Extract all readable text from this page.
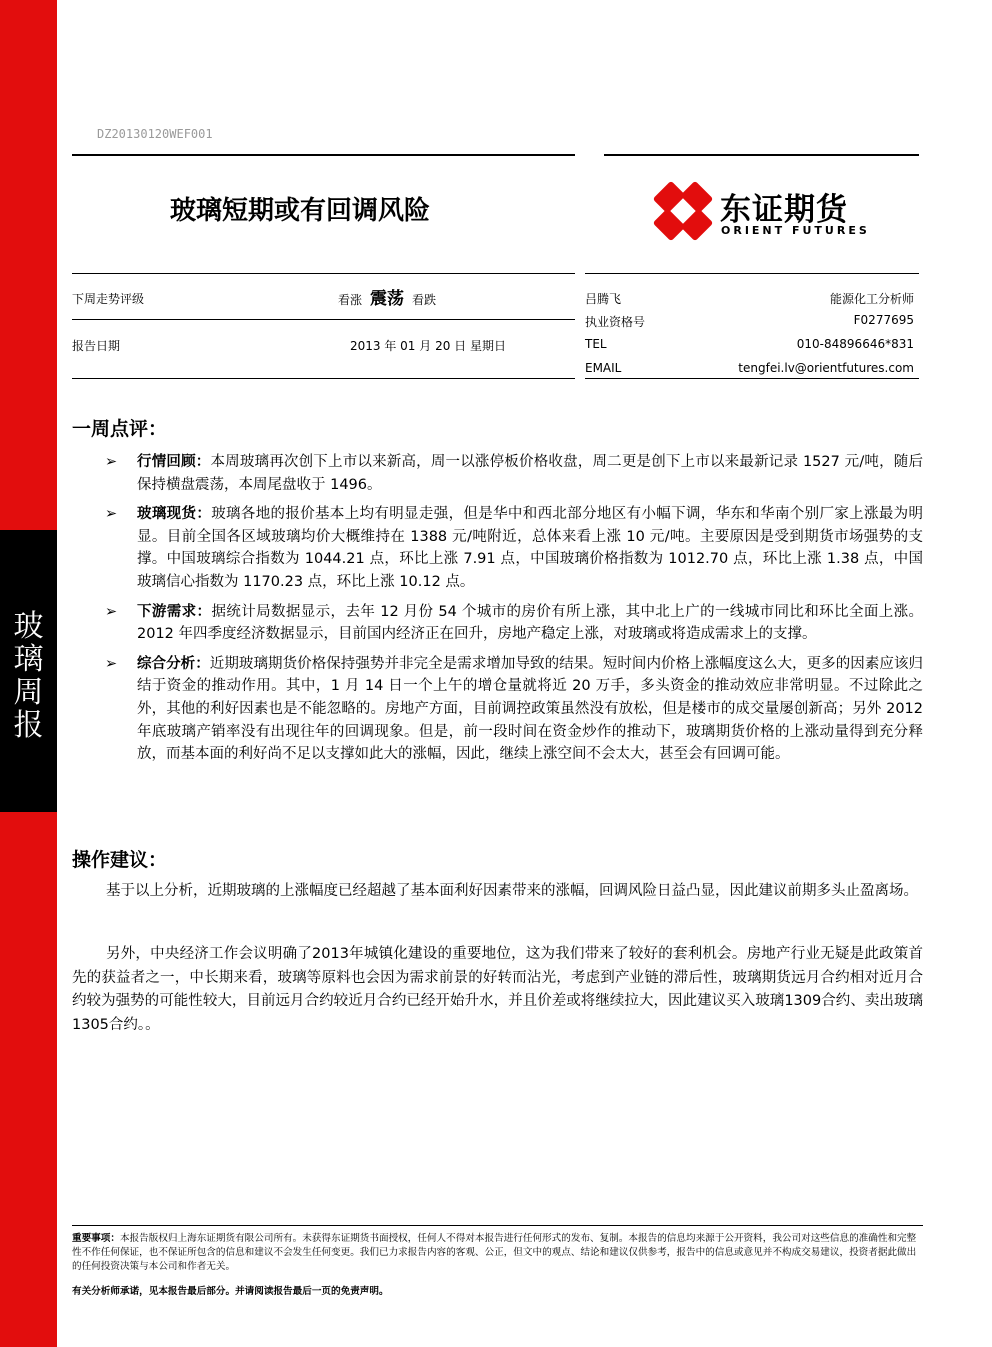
玻
璃
周
报
DZ20130120WEF001
玻璃短期或有回调风险	东证期货
ORIENT FUTURES
下周走势评级	看涨 震荡 看跌
报告日期	2013 年 01 月 20 日 星期日
吕腾飞	能源化工分析师
执业资格号	F0277695
TEL	010-84896646*831
EMAIL	tengfei.lv@orientfutures.com
一周点评：
➢ 行情回顾：本周玻璃再次创下上市以来新高，周一以涨停板价格收盘，周二更是创下上市以来最新记录 1527 元/吨，随后保持横盘震荡，本周尾盘收于 1496。
➢ 玻璃现货：玻璃各地的报价基本上均有明显走强，但是华中和西北部分地区有小幅下调，华东和华南个别厂家上涨最为明显。目前全国各区域玻璃均价大概维持在 1388 元/吨附近，总体来看上涨 10 元/吨。主要原因是受到期货市场强势的支撑。中国玻璃综合指数为 1044.21 点，环比上涨 7.91 点，中国玻璃价格指数为 1012.70 点，环比上涨 1.38 点，中国玻璃信心指数为 1170.23 点，环比上涨 10.12 点。
➢ 下游需求：据统计局数据显示，去年 12 月份 54 个城市的房价有所上涨，其中北上广的一线城市同比和环比全面上涨。2012 年四季度经济数据显示，目前国内经济正在回升，房地产稳定上涨，对玻璃或将造成需求上的支撑。
➢ 综合分析：近期玻璃期货价格保持强势并非完全是需求增加导致的结果。短时间内价格上涨幅度这么大，更多的因素应该归结于资金的推动作用。其中，1 月 14 日一个上午的增仓量就将近 20 万手，多头资金的推动效应非常明显。不过除此之外，其他的利好因素也是不能忽略的。房地产方面，目前调控政策虽然没有放松，但是楼市的成交量屡创新高；另外 2012 年底玻璃产销率没有出现往年的回调现象。但是，前一段时间在资金炒作的推动下，玻璃期货价格的上涨动量得到充分释放，而基本面的利好尚不足以支撑如此大的涨幅，因此，继续上涨空间不会太大，甚至会有回调可能。
操作建议：
基于以上分析，近期玻璃的上涨幅度已经超越了基本面利好因素带来的涨幅，回调风险日益凸显，因此建议前期多头止盈离场。
另外，中央经济工作会议明确了2013年城镇化建设的重要地位，这为我们带来了较好的套利机会。房地产行业无疑是此政策首先的获益者之一，中长期来看，玻璃等原料也会因为需求前景的好转而沾光，考虑到产业链的滞后性，玻璃期货远月合约相对近月合约较为强势的可能性较大，目前远月合约较近月合约已经开始升水，并且价差或将继续拉大，因此建议买入玻璃1309合约、卖出玻璃1305合约。。
重要事项：本报告版权归上海东证期货有限公司所有。未获得东证期货书面授权，任何人不得对本报告进行任何形式的发布、复制。本报告的信息均来源于公开资料，我公司对这些信息的准确性和完整性不作任何保证，也不保证所包含的信息和建议不会发生任何变更。我们已力求报告内容的客观、公正，但文中的观点、结论和建议仅供参考，报告中的信息或意见并不构成交易建议，投资者据此做出的任何投资决策与本公司和作者无关。
有关分析师承诺，见本报告最后部分。并请阅读报告最后一页的免责声明。
